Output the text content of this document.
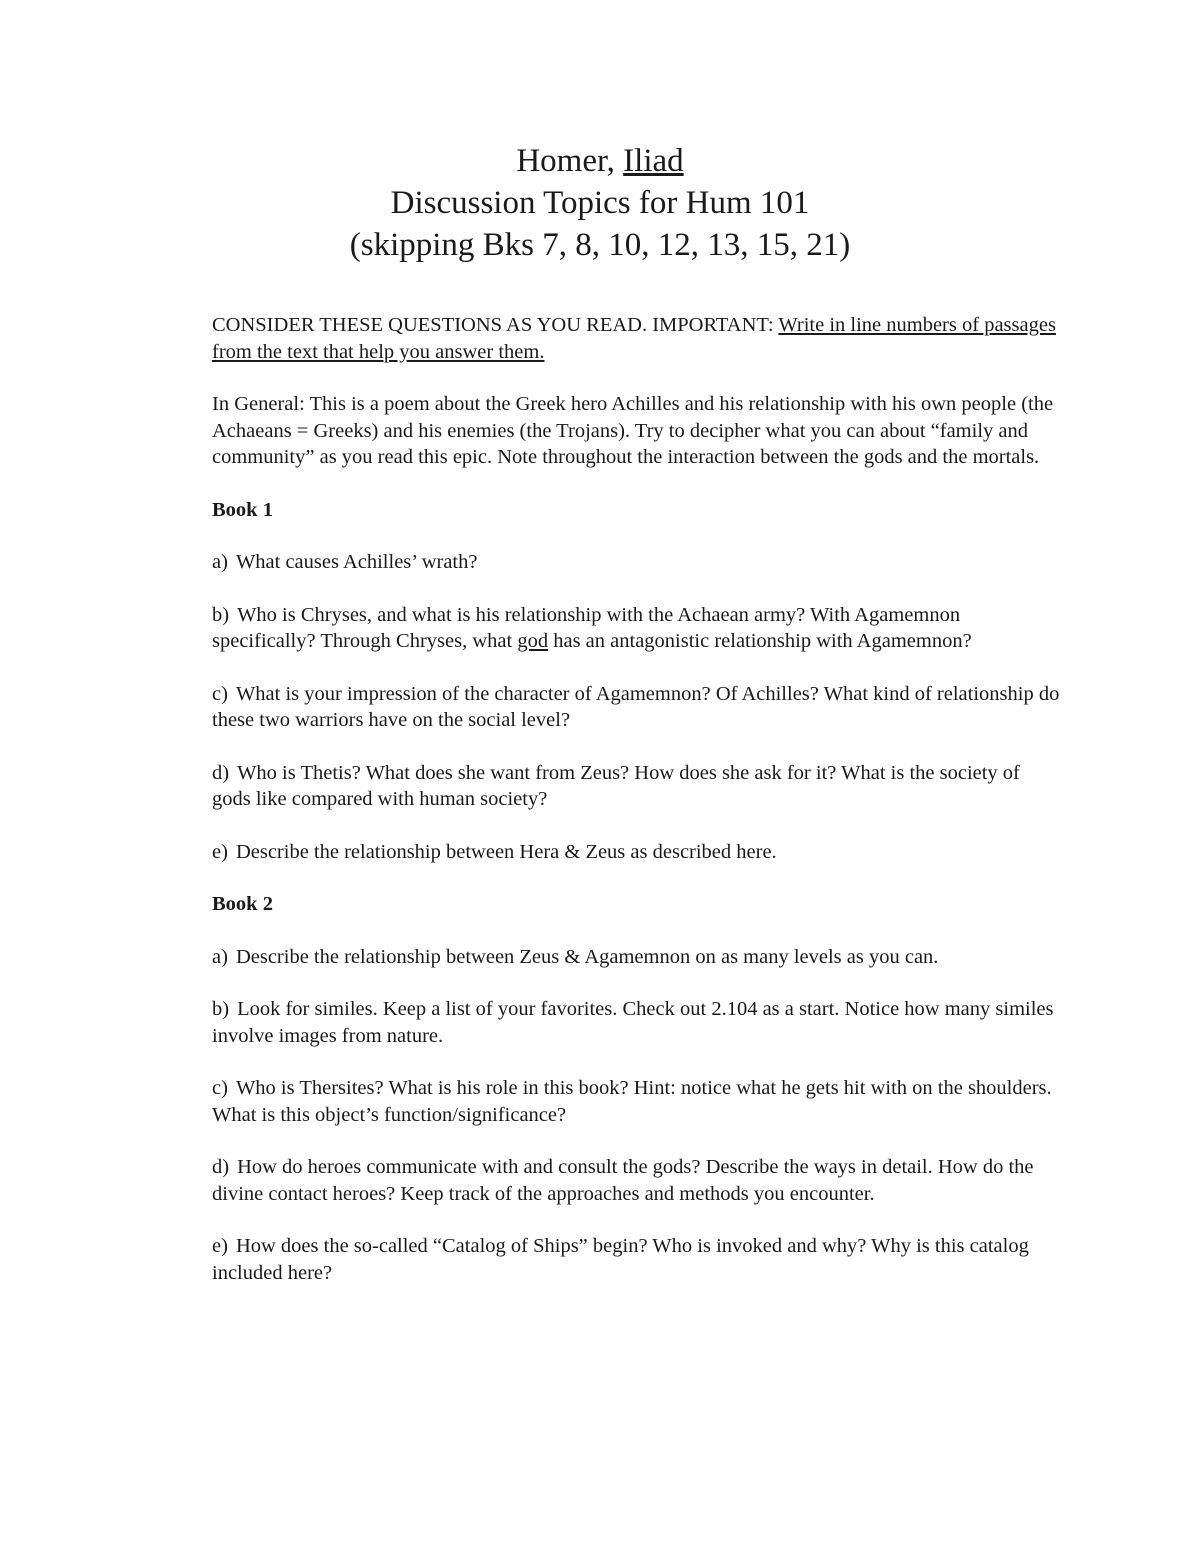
Homer, Iliad
Discussion Topics for Hum 101
(skipping Bks 7, 8, 10, 12, 13, 15, 21)

CONSIDER THESE QUESTIONS AS YOU READ. IMPORTANT: Write in line numbers of passages from the text that help you answer them.

In General: This is a poem about the Greek hero Achilles and his relationship with his own people (the Achaeans = Greeks) and his enemies (the Trojans). Try to decipher what you can about “family and community” as you read this epic. Note throughout the interaction between the gods and the mortals.

Book 1

a) What causes Achilles’ wrath?

b) Who is Chryses, and what is his relationship with the Achaean army? With Agamemnon specifically? Through Chryses, what god has an antagonistic relationship with Agamemnon?

c) What is your impression of the character of Agamemnon? Of Achilles? What kind of relationship do these two warriors have on the social level?

d) Who is Thetis? What does she want from Zeus? How does she ask for it? What is the society of gods like compared with human society?

e) Describe the relationship between Hera & Zeus as described here.

Book 2

a) Describe the relationship between Zeus & Agamemnon on as many levels as you can.

b) Look for similes. Keep a list of your favorites. Check out 2.104 as a start. Notice how many similes involve images from nature.

c) Who is Thersites? What is his role in this book? Hint: notice what he gets hit with on the shoulders. What is this object’s function/significance?

d) How do heroes communicate with and consult the gods? Describe the ways in detail. How do the divine contact heroes? Keep track of the approaches and methods you encounter.

e) How does the so-called “Catalog of Ships” begin? Who is invoked and why? Why is this catalog included here?
